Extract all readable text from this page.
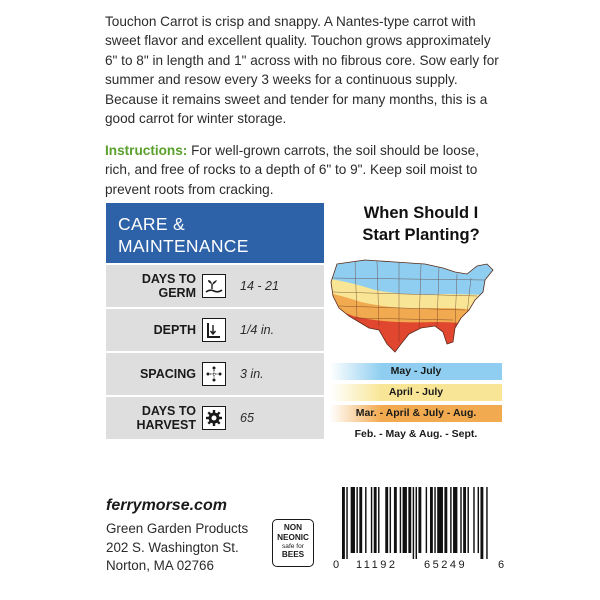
Touchon Carrot is crisp and snappy. A Nantes-type carrot with sweet flavor and excellent quality. Touchon grows approximately 6" to 8" in length and 1" across with no fibrous core. Sow early for summer and resow every 3 weeks for a continuous supply. Because it remains sweet and tender for many months, this is a good carrot for winter storage.

Instructions: For well-grown carrots, the soil should be loose, rich, and free of rocks to a depth of 6" to 9". Keep soil moist to prevent roots from cracking.

CARE &
MAINTENANCE
DAYS TO GERM	14 - 21
DEPTH	1/4 in.
SPACING	3 in.
DAYS TO HARVEST	65
When Should I
Start Planting?
May - July
April - July
Mar. - April & July - Aug.
Feb. - May & Aug. - Sept.
ferrymorse.com
Green Garden Products
202 S. Washington St.
Norton, MA 02766
NON
NEONIC
safe for
BEES
0 11192 65249	6
